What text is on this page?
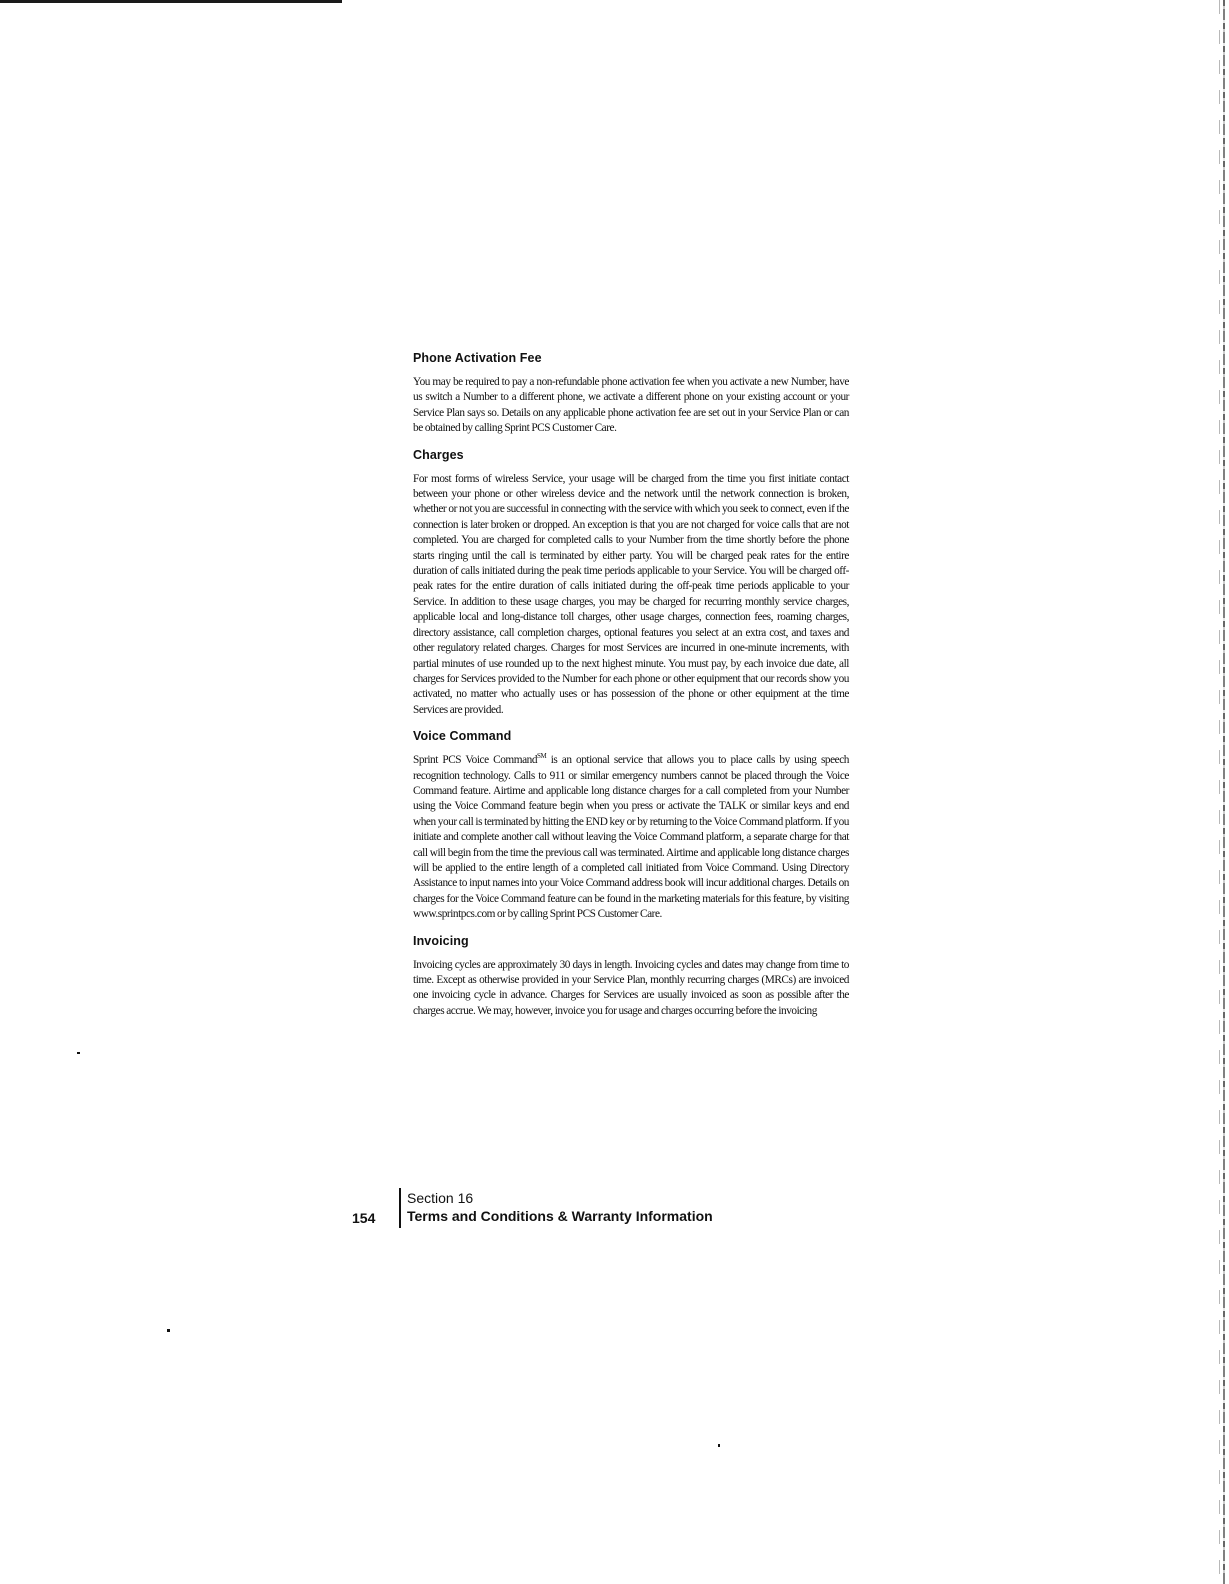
Phone Activation Fee

You may be required to pay a non-refundable phone activation fee when you activate a new Number, have us switch a Number to a different phone, we activate a different phone on your existing account or your Service Plan says so. Details on any applicable phone activation fee are set out in your Service Plan or can be obtained by calling Sprint PCS Customer Care.

Charges

For most forms of wireless Service, your usage will be charged from the time you first initiate contact between your phone or other wireless device and the network until the network connection is broken, whether or not you are successful in connecting with the service with which you seek to connect, even if the connection is later broken or dropped. An exception is that you are not charged for voice calls that are not completed. You are charged for completed calls to your Number from the time shortly before the phone starts ringing until the call is terminated by either party. You will be charged peak rates for the entire duration of calls initiated during the peak time periods applicable to your Service. You will be charged off-peak rates for the entire duration of calls initiated during the off-peak time periods applicable to your Service. In addition to these usage charges, you may be charged for recurring monthly service charges, applicable local and long-distance toll charges, other usage charges, connection fees, roaming charges, directory assistance, call completion charges, optional features you select at an extra cost, and taxes and other regulatory related charges. Charges for most Services are incurred in one-minute increments, with partial minutes of use rounded up to the next highest minute. You must pay, by each invoice due date, all charges for Services provided to the Number for each phone or other equipment that our records show you activated, no matter who actually uses or has possession of the phone or other equipment at the time Services are provided.

Voice Command

Sprint PCS Voice Command℠ is an optional service that allows you to place calls by using speech recognition technology. Calls to 911 or similar emergency numbers cannot be placed through the Voice Command feature. Airtime and applicable long distance charges for a call completed from your Number using the Voice Command feature begin when you press or activate the TALK or similar keys and end when your call is terminated by hitting the END key or by returning to the Voice Command platform. If you initiate and complete another call without leaving the Voice Command platform, a separate charge for that call will begin from the time the previous call was terminated. Airtime and applicable long distance charges will be applied to the entire length of a completed call initiated from Voice Command. Using Directory Assistance to input names into your Voice Command address book will incur additional charges. Details on charges for the Voice Command feature can be found in the marketing materials for this feature, by visiting www.sprintpcs.com or by calling Sprint PCS Customer Care.

Invoicing

Invoicing cycles are approximately 30 days in length. Invoicing cycles and dates may change from time to time. Except as otherwise provided in your Service Plan, monthly recurring charges (MRCs) are invoiced one invoicing cycle in advance. Charges for Services are usually invoiced as soon as possible after the charges accrue. We may, however, invoice you for usage and charges occurring before the invoicing

154
Section 16
Terms and Conditions & Warranty Information
